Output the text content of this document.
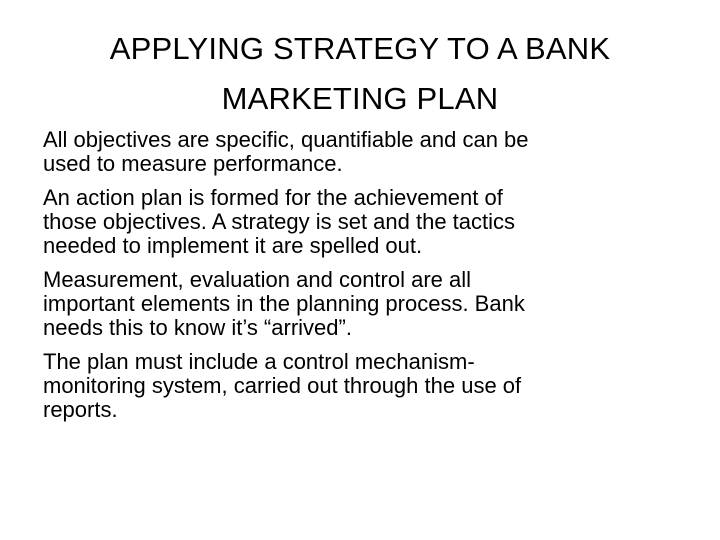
APPLYING STRATEGY TO A BANK
MARKETING PLAN
All objectives are specific, quantifiable and can be
used to measure performance.
An action plan is formed for the achievement of
those objectives. A strategy is set and the tactics
needed to implement it are spelled out.
Measurement, evaluation and control are all
important elements in the planning process. Bank
needs this to know it’s “arrived”.
The plan must include a control mechanism-
monitoring system, carried out through the use of
reports.
